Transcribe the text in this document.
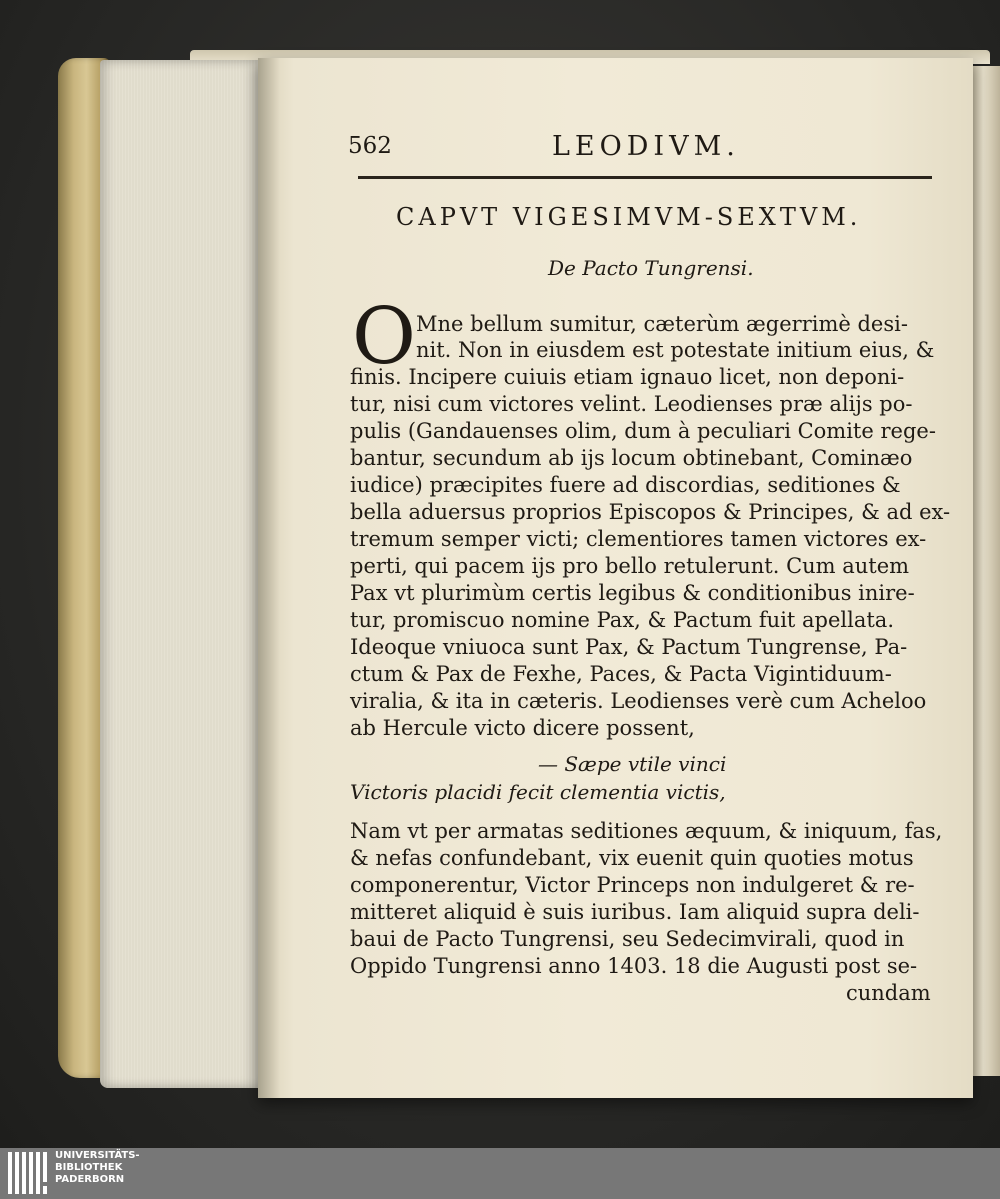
562	LEODIVM.
CAPVT VIGESIMVM-SEXTVM.
De Pacto Tungrensi.
O Mne bellum sumitur, cæterùm ægerrimè desi-
nit. Non in eiusdem est potestate initium eius, &
finis. Incipere cuiuis etiam ignauo licet, non deponi-
tur, nisi cum victores velint. Leodienses præ alijs po-
pulis (Gandauenses olim, dum à peculiari Comite rege-
bantur, secundum ab ijs locum obtinebant, Cominæo
iudice) præcipites fuere ad discordias, seditiones &
bella aduersus proprios Episcopos & Principes, & ad ex-
tremum semper victi; clementiores tamen victores ex-
perti, qui pacem ijs pro bello retulerunt. Cum autem
Pax vt plurimùm certis legibus & conditionibus inire-
tur, promiscuo nomine Pax, & Pactum fuit apellata.
Ideoque vniuoca sunt Pax, & Pactum Tungrense, Pa-
ctum & Pax de Fexhe, Paces, & Pacta Vigintiduum-
viralia, & ita in cæteris. Leodienses verè cum Acheloo
ab Hercule victo dicere possent,
— Sæpe vtile vinci
Victoris placidi fecit clementia victis,
Nam vt per armatas seditiones æquum, & iniquum, fas,
& nefas confundebant, vix euenit quin quoties motus
componerentur, Victor Princeps non indulgeret & re-
mitteret aliquid è suis iuribus. Iam aliquid supra deli-
baui de Pacto Tungrensi, seu Sedecimvirali, quod in
Oppido Tungrensi anno 1403. 18 die Augusti post se-
cundam
UNIVERSITÄTS-
BIBLIOTHEK
PADERBORN
